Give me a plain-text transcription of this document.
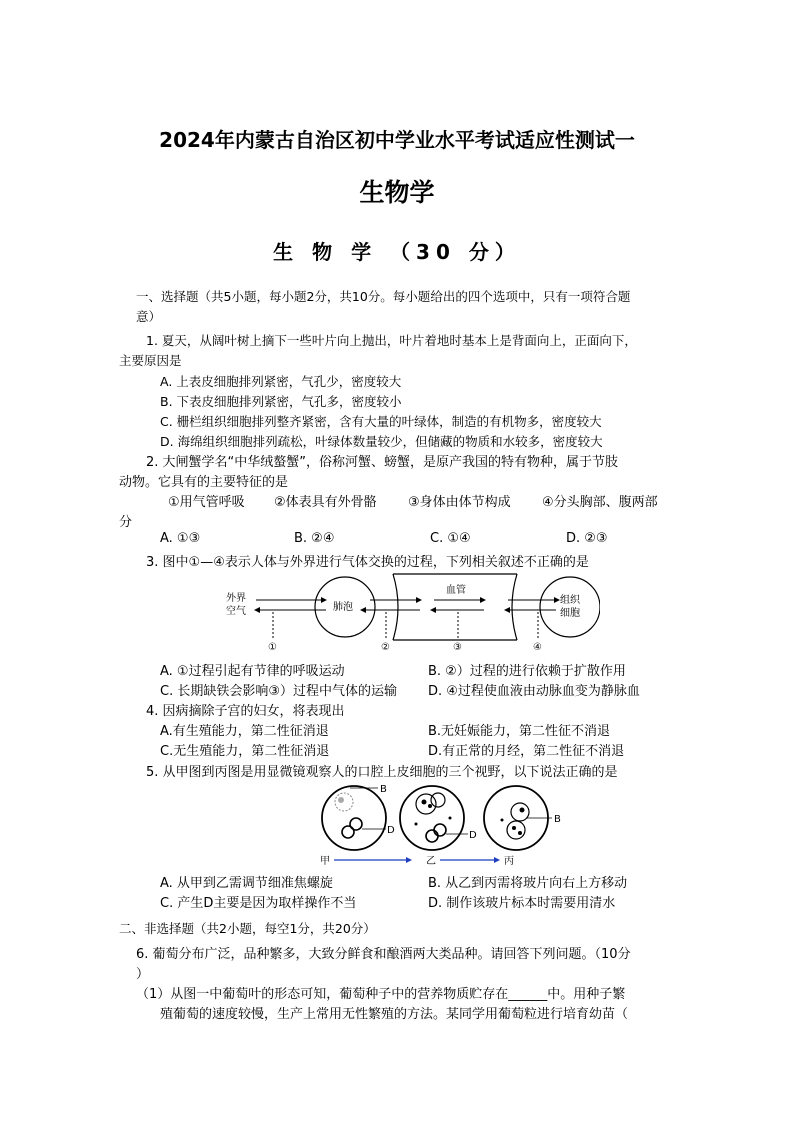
2024年内蒙古自治区初中学业水平考试适应性测试一
生物学
生 物 学 （30 分）
一、选择题（共5小题，每小题2分，共10分。每小题给出的四个选项中，只有一项符合题
意）
1. 夏天，从阔叶树上摘下一些叶片向上抛出，叶片着地时基本上是背面向上，正面向下，
主要原因是
A. 上表皮细胞排列紧密，气孔少，密度较大
B. 下表皮细胞排列紧密，气孔多，密度较小
C. 栅栏组织细胞排列整齐紧密，含有大量的叶绿体，制造的有机物多，密度较大
D. 海绵组织细胞排列疏松，叶绿体数量较少，但储藏的物质和水较多，密度较大
2. 大闸蟹学名“中华绒螯蟹”，俗称河蟹、螃蟹，是原产我国的特有物种，属于节肢
动物。它具有的主要特征的是
①用气管呼吸 ②体表具有外骨骼 ③身体由体节构成 ④分头胸部、腹两部
分
A. ①③	B. ②④	C. ①④	D. ②③
3. 图中①—④表示人体与外界进行气体交换的过程，下列相关叙述不正确的是
外界
空气	肺泡
血管
组织
细胞
①	②	③	④
A. ①过程引起有节律的呼吸运动	B. ②）过程的进行依赖于扩散作用
C. 长期缺铁会影响③）过程中气体的运输 D. ④过程使血液由动脉血变为静脉血
4. 因病摘除子宫的妇女，将表现出
A.有生殖能力，第二性征消退	B.无妊娠能力，第二性征不消退
C.无生殖能力，第二性征消退	D.有正常的月经，第二性征不消退
5. 从甲图到丙图是用显微镜观察人的口腔上皮细胞的三个视野，以下说法正确的是
B
D	D
B
甲	乙	丙
A. 从甲到乙需调节细准焦螺旋	B. 从乙到丙需将玻片向右上方移动
C. 产生D主要是因为取样操作不当	D. 制作该玻片标本时需要用清水
二、非选择题（共2小题，每空1分，共20分）
6. 葡萄分布广泛，品种繁多，大致分鲜食和酿酒两大类品种。请回答下列问题。（10分
）
（1）从图一中葡萄叶的形态可知，葡萄种子中的营养物质贮存在______中。用种子繁
殖葡萄的速度较慢，生产上常用无性繁殖的方法。某同学用葡萄粒进行培育幼苗（
